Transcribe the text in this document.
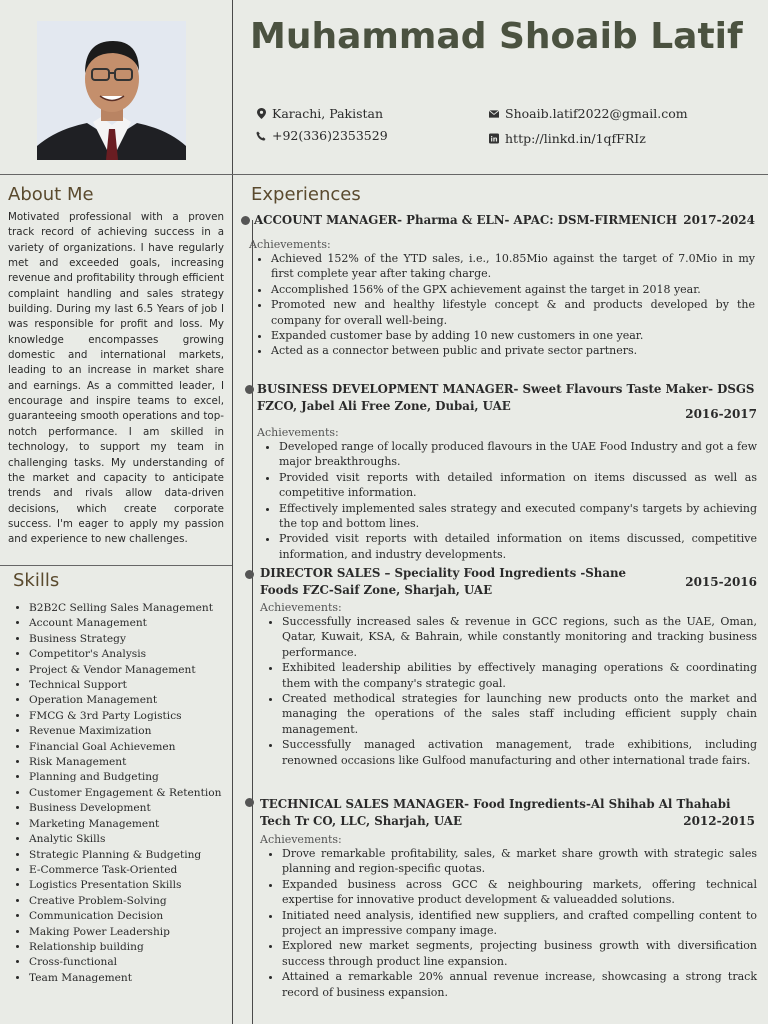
Muhammad Shoaib Latif
Karachi, Pakistan
+92(336)2353529
Shoaib.latif2022@gmail.com
in http://linkd.in/1qfFRIz
About Me
Motivated professional with a proven track record of achieving success in a variety of organizations. I have regularly met and exceeded goals, increasing revenue and profitability through efficient complaint handling and sales strategy building. During my last 6.5 Years of job I was responsible for profit and loss. My knowledge encompasses growing domestic and international markets, leading to an increase in market share and earnings. As a committed leader, I encourage and inspire teams to excel, guaranteeing smooth operations and top-notch performance. I am skilled in technology, to support my team in challenging tasks. My understanding of the market and capacity to anticipate trends and rivals allow data-driven decisions, which create corporate success. I'm eager to apply my passion and experience to new challenges.
Skills
• B2B2C Selling Sales Management
• Account Management
• Business Strategy
• Competitor's Analysis
• Project & Vendor Management
• Technical Support
• Operation Management
• FMCG & 3rd Party Logistics
• Revenue Maximization
• Financial Goal Achievemen
• Risk Management
• Planning and Budgeting
• Customer Engagement & Retention
• Business Development
• Marketing Management
• Analytic Skills
• Strategic Planning & Budgeting
• E-Commerce Task-Oriented
• Logistics Presentation Skills
• Creative Problem-Solving
• Communication Decision
• Making Power Leadership
• Relationship building
• Cross-functional
• Team Management
Experiences
ACCOUNT MANAGER- Pharma & ELN- APAC: DSM-FIRMENICH 2017-2024
Achievements:
• Achieved 152% of the YTD sales, i.e., 10.85Mio against the target of 7.0Mio in my first complete year after taking charge.
• Accomplished 156% of the GPX achievement against the target in 2018 year.
• Promoted new and healthy lifestyle concept & and products developed by the company for overall well-being.
• Expanded customer base by adding 10 new customers in one year.
• Acted as a connector between public and private sector partners.
BUSINESS DEVELOPMENT MANAGER- Sweet Flavours Taste Maker- DSGS FZCO, Jabel Ali Free Zone, Dubai, UAE
2016-2017
Achievements:
• Developed range of locally produced flavours in the UAE Food Industry and got a few major breakthroughs.
• Provided visit reports with detailed information on items discussed as well as competitive information.
• Effectively implemented sales strategy and executed company's targets by achieving the top and bottom lines.
• Provided visit reports with detailed information on items discussed, competitive information, and industry developments.
DIRECTOR SALES – Speciality Food Ingredients -Shane Foods FZC-Saif Zone, Sharjah, UAE
2015-2016
Achievements:
• Successfully increased sales & revenue in GCC regions, such as the UAE, Oman, Qatar, Kuwait, KSA, & Bahrain, while constantly monitoring and tracking business performance.
• Exhibited leadership abilities by effectively managing operations & coordinating them with the company's strategic goal.
• Created methodical strategies for launching new products onto the market and managing the operations of the sales staff including efficient supply chain management.
• Successfully managed activation management, trade exhibitions, including renowned occasions like Gulfood manufacturing and other international trade fairs.
TECHNICAL SALES MANAGER- Food Ingredients-Al Shihab Al Thahabi Tech Tr CO, LLC, Sharjah, UAE	2012-2015
Achievements:
• Drove remarkable profitability, sales, & market share growth with strategic sales planning and region-specific quotas.
• Expanded business across GCC & neighbouring markets, offering technical expertise for innovative product development & valueadded solutions.
• Initiated need analysis, identified new suppliers, and crafted compelling content to project an impressive company image.
• Explored new market segments, projecting business growth with diversification success through product line expansion.
• Attained a remarkable 20% annual revenue increase, showcasing a strong track record of business expansion.
